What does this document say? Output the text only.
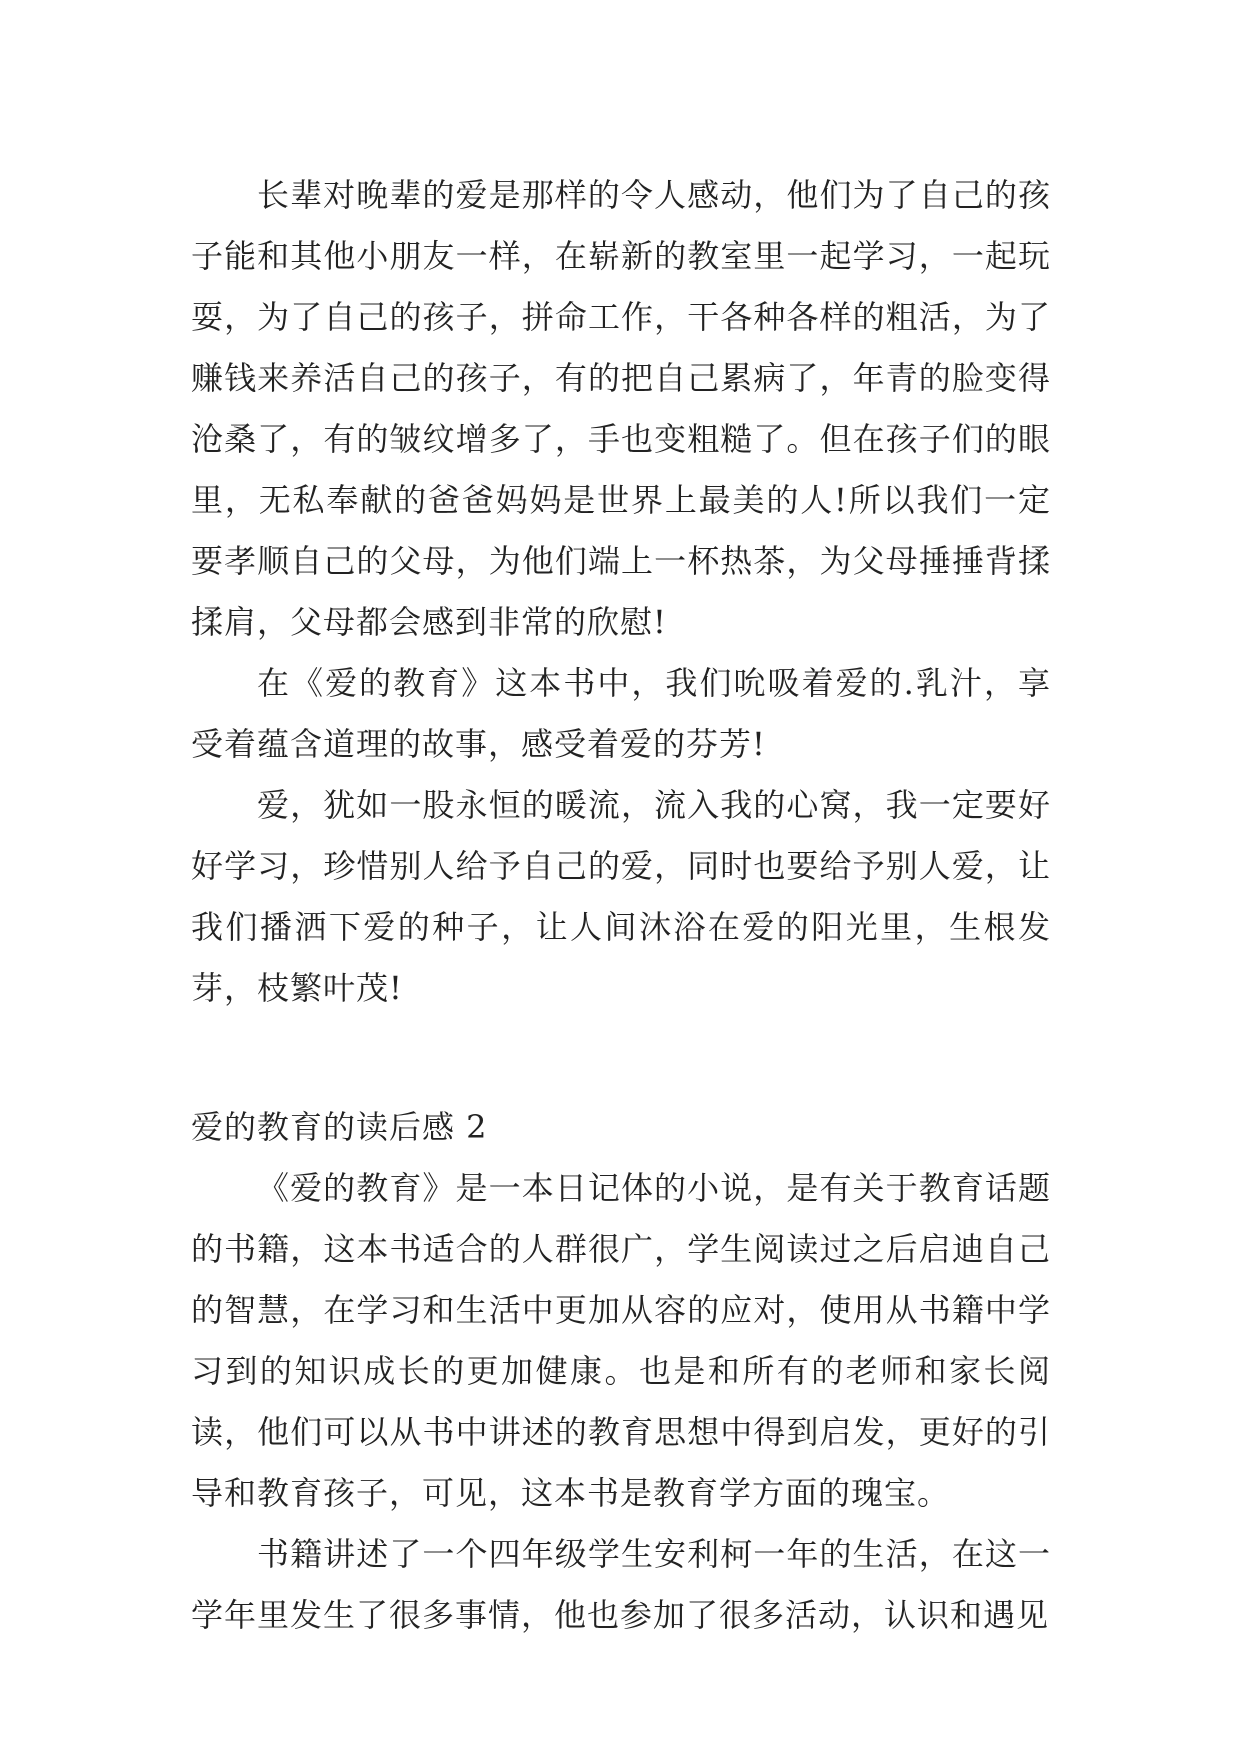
长辈对晚辈的爱是那样的令人感动，他们为了自己的孩子能和其他小朋友一样，在崭新的教室里一起学习，一起玩耍，为了自己的孩子，拼命工作，干各种各样的粗活，为了赚钱来养活自己的孩子，有的把自己累病了，年青的脸变得沧桑了，有的皱纹增多了，手也变粗糙了。但在孩子们的眼里，无私奉献的爸爸妈妈是世界上最美的人!所以我们一定要孝顺自己的父母，为他们端上一杯热茶，为父母捶捶背揉揉肩，父母都会感到非常的欣慰!

在《爱的教育》这本书中，我们吮吸着爱的.乳汁，享受着蕴含道理的故事，感受着爱的芬芳!

爱，犹如一股永恒的暖流，流入我的心窝，我一定要好好学习，珍惜别人给予自己的爱，同时也要给予别人爱，让我们播洒下爱的种子，让人间沐浴在爱的阳光里，生根发芽，枝繁叶茂!

爱的教育的读后感 2

《爱的教育》是一本日记体的小说，是有关于教育话题的书籍，这本书适合的人群很广，学生阅读过之后启迪自己的智慧，在学习和生活中更加从容的应对，使用从书籍中学习到的知识成长的更加健康。也是和所有的老师和家长阅读，他们可以从书中讲述的教育思想中得到启发，更好的引导和教育孩子，可见，这本书是教育学方面的瑰宝。

书籍讲述了一个四年级学生安利柯一年的生活，在这一学年里发生了很多事情，他也参加了很多活动，认识和遇见
